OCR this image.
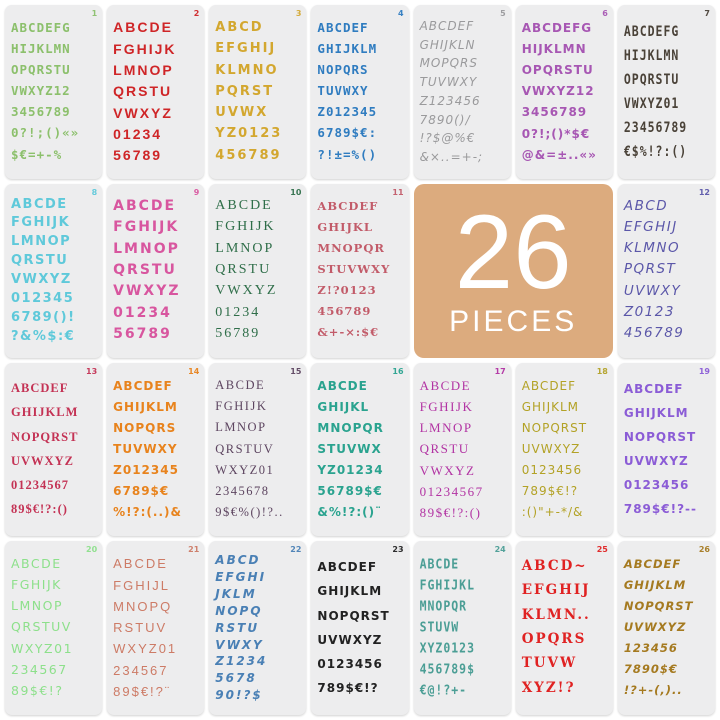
26
PIECES
1
ABCDEFG
HIJKLMN
OPQRSTU
VWXYZ12
3456789
0?!;()«»
$€=+-%
2
ABCDE
FGHIJK
LMNOP
QRSTU
VWXYZ
01234
56789
3
ABCD
EFGHIJ
KLMNO
PQRST
UVWX
YZ0123
456789
4
ABCDEF
GHIJKLM
NOPQRS
TUVWXY
Z012345
6789$€:
?!±=%()
5
ABCDEF
GHIJKLN
MOPQRS
TUVWXY
Z123456
7890()/
!?$@%€
&×..=+-;
6
ABCDEFG
HIJKLMN
OPQRSTU
VWXYZ12
3456789
0?!;()*$€
@&=±..«»
7
ABCDEFG
HIJKLMN
OPQRSTU
VWXYZ01
23456789
€$%!?:()
8
ABCDE
FGHIJK
LMNOP
QRSTU
VWXYZ
012345
6789()!
?&%$:€
9
ABCDE
FGHIJK
LMNOP
QRSTU
VWXYZ
01234
56789
10
ABCDE
FGHIJK
LMNOP
QRSTU
VWXYZ
01234
56789
11
ABCDEF
GHIJKL
MNOPQR
STUVWXY
Z!?0123
456789
&+-×:$€
12
ABCD
EFGHIJ
KLMNO
PQRST
UVWXY
Z0123
456789
13
ABCDEF
GHIJKLM
NOPQRST
UVWXYZ
01234567
89$€!?:()
14
ABCDEF
GHIJKLM
NOPQRS
TUVWXY
Z012345
6789$€
%!?:(..)&
15
ABCDE
FGHIJK
LMNOP
QRSTUV
WXYZ01
2345678
9$€%()!?..
16
ABCDE
GHIJKL
MNOPQR
STUVWX
YZ01234
56789$€
&%!?:()¨
17
ABCDE
FGHIJK
LMNOP
QRSTU
VWXYZ
01234567
89$€!?:()
18
ABCDEF
GHIJKLM
NOPQRST
UVWXYZ
0123456
789$€!?
:()"+-*/&
19
ABCDEF
GHIJKLM
NOPQRST
UVWXYZ
0123456
789$€!?--
20
ABCDE
FGHIJK
LMNOP
QRSTUV
WXYZ01
234567
89$€!?
21
ABCDE
FGHIJL
MNOPQ
RSTUV
WXYZ01
234567
89$€!?¨
22
ABCD
EFGHI
JKLM
NOPQ
RSTU
VWXY
Z1234
5678
90!?$
23
ABCDEF
GHIJKLM
NOPQRST
UVWXYZ
0123456
789$€!?
24
ABCDE
FGHIJKL
MNOPQR
STUVW
XYZ0123
456789$
€@!?+-
25
ABCD~
EFGHIJ
KLMN..
OPQRS
TUVW
XYZ!?
26
ABCDEF
GHIJKLM
NOPQRST
UVWXYZ
123456
7890$€
!?+-(,)..
